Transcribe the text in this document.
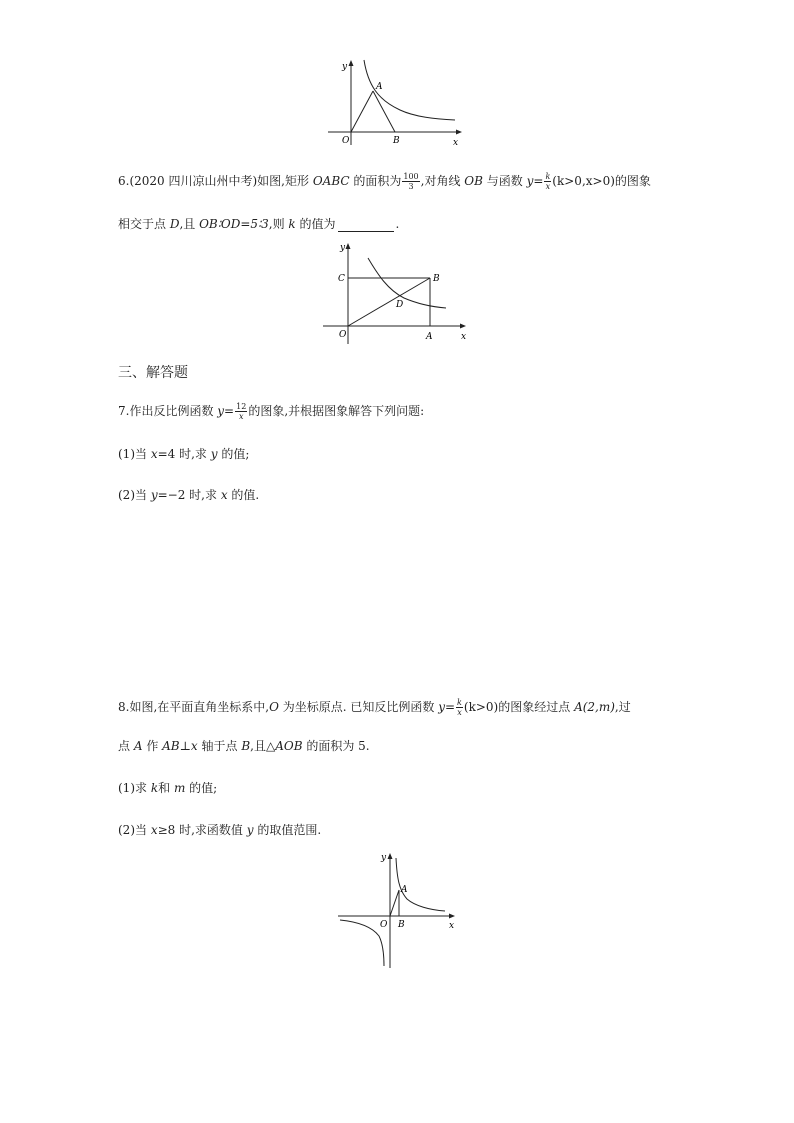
y
x
O
A
B
6.(2020 四川凉山州中考)如图,矩形 OABC 的面积为 $\frac{100}{3}$ ,对角线 OB 与函数 $y= \frac{k}{x} (k>0,x>0)$的图象
相交于点 D,且 OB∶OD=5∶3,则 k 的值为	.
y
x
O	A
B
C
D
三、解答题
7.作出反比例函数 $y= \frac{12}{x}$ 的图象,并根据图象解答下列问题:
(1)当 x=4 时,求 y 的值;
(2)当 y=−2 时,求 x 的值.
8.如图,在平面直角坐标系中,O 为坐标原点. 已知反比例函数 $y= \frac{k}{x} (k>0)$的图象经过点 A(2,m),过
点 A 作 AB⊥x 轴于点 B,且△AOB 的面积为 5.
(1)求 k和 m 的值;
(2)当 x≥8 时,求函数值 y 的取值范围.
y
x
O
A
B
